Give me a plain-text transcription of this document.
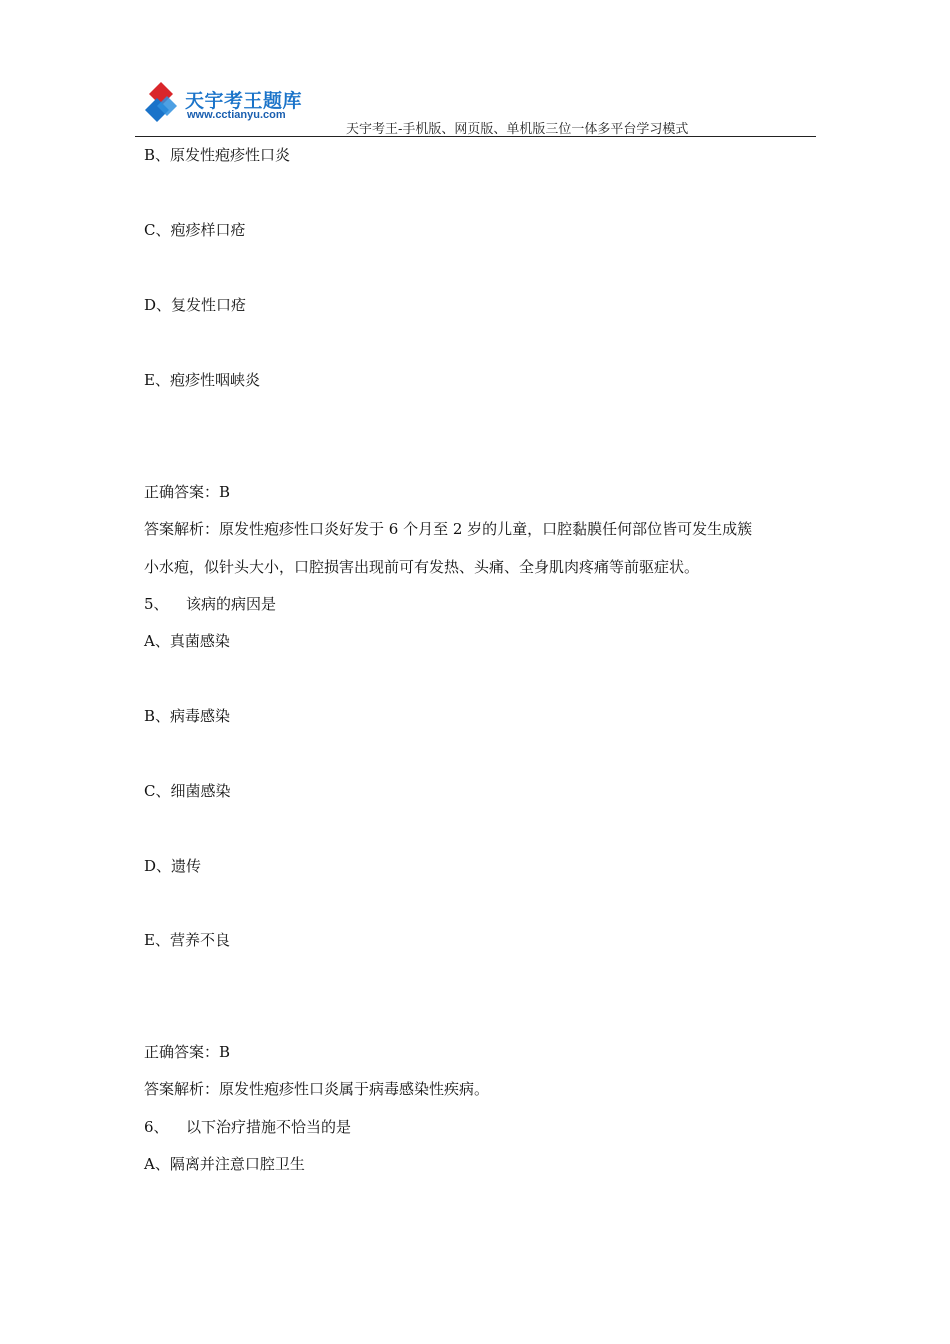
天宇考王题库
www.cctianyu.com
天宇考王-手机版、网页版、单机版三位一体多平台学习模式
B、原发性疱疹性口炎
C、疱疹样口疮
D、复发性口疮
E、疱疹性咽峡炎
正确答案：B
答案解析：原发性疱疹性口炎好发于 6 个月至 2 岁的儿童，口腔黏膜任何部位皆可发生成簇
小水疱，似针头大小，口腔损害出现前可有发热、头痛、全身肌肉疼痛等前驱症状。
5、 该病的病因是
A、真菌感染
B、病毒感染
C、细菌感染
D、遗传
E、营养不良
正确答案：B
答案解析：原发性疱疹性口炎属于病毒感染性疾病。
6、 以下治疗措施不恰当的是
A、隔离并注意口腔卫生
